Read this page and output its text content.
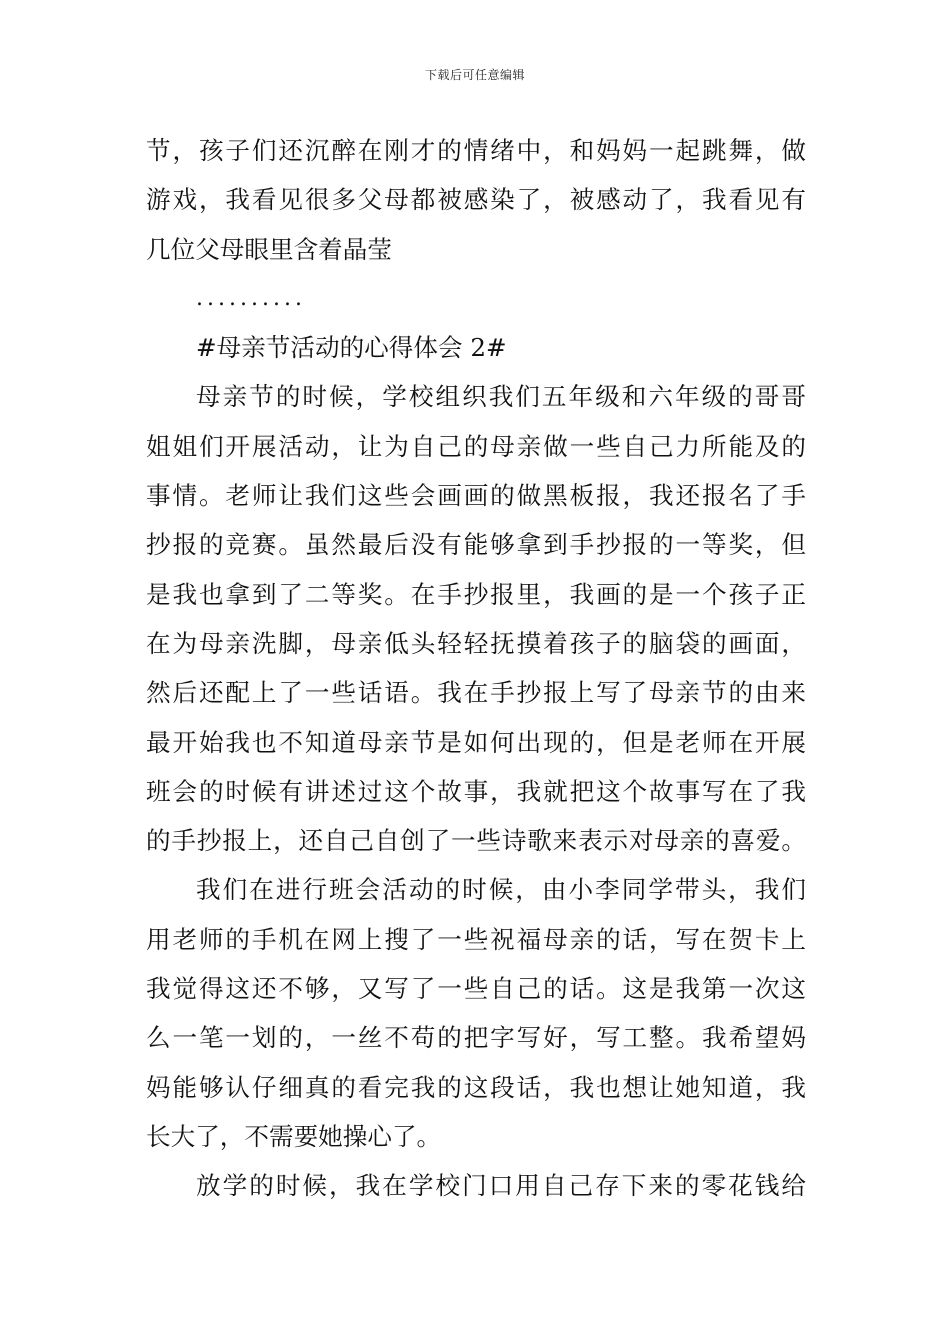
下载后可任意编辑
节，孩子们还沉醉在刚才的情绪中，和妈妈一起跳舞，做
游戏，我看见很多父母都被感染了，被感动了，我看见有
几位父母眼里含着晶莹
..........
#母亲节活动的心得体会 2#
母亲节的时候，学校组织我们五年级和六年级的哥哥
姐姐们开展活动，让为自己的母亲做一些自己力所能及的
事情。老师让我们这些会画画的做黑板报，我还报名了手
抄报的竞赛。虽然最后没有能够拿到手抄报的一等奖，但
是我也拿到了二等奖。在手抄报里，我画的是一个孩子正
在为母亲洗脚，母亲低头轻轻抚摸着孩子的脑袋的画面，
然后还配上了一些话语。我在手抄报上写了母亲节的由来
最开始我也不知道母亲节是如何出现的，但是老师在开展
班会的时候有讲述过这个故事，我就把这个故事写在了我
的手抄报上，还自己自创了一些诗歌来表示对母亲的喜爱。
我们在进行班会活动的时候，由小李同学带头，我们
用老师的手机在网上搜了一些祝福母亲的话，写在贺卡上
我觉得这还不够，又写了一些自己的话。这是我第一次这
么一笔一划的，一丝不苟的把字写好，写工整。我希望妈
妈能够认仔细真的看完我的这段话，我也想让她知道，我
长大了，不需要她操心了。
放学的时候，我在学校门口用自己存下来的零花钱给
